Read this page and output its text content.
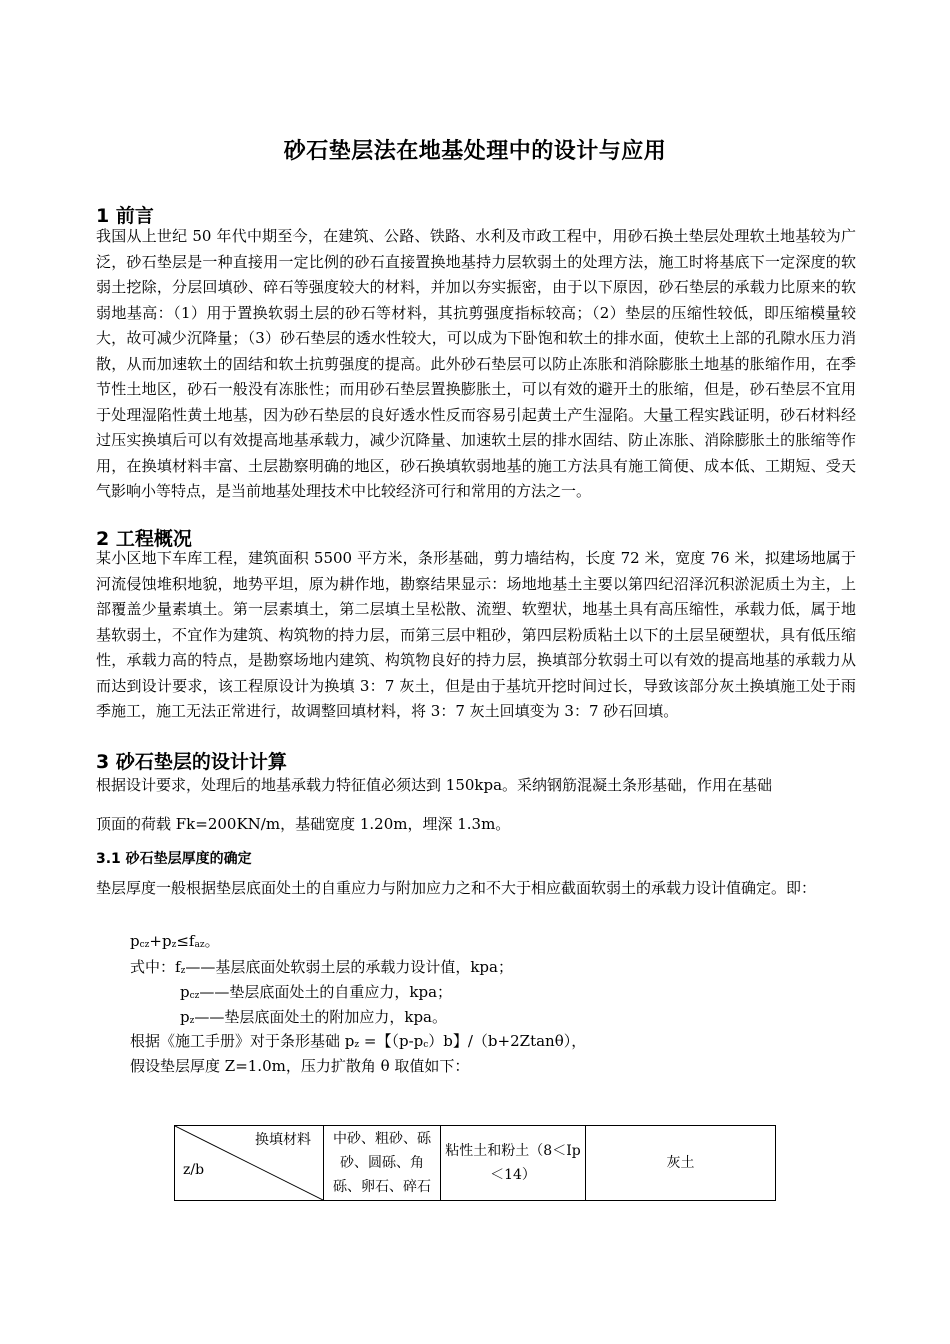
砂石垫层法在地基处理中的设计与应用
1 前言
我国从上世纪 50 年代中期至今，在建筑、公路、铁路、水利及市政工程中，用砂石换土垫层处理软土地基较为广泛，砂石垫层是一种直接用一定比例的砂石直接置换地基持力层软弱土的处理方法，施工时将基底下一定深度的软弱土挖除，分层回填砂、碎石等强度较大的材料，并加以夯实振密，由于以下原因，砂石垫层的承载力比原来的软弱地基高：（1）用于置换软弱土层的砂石等材料，其抗剪强度指标较高；（2）垫层的压缩性较低，即压缩模量较大，故可减少沉降量；（3）砂石垫层的透水性较大，可以成为下卧饱和软土的排水面，使软土上部的孔隙水压力消散，从而加速软土的固结和软土抗剪强度的提高。此外砂石垫层可以防止冻胀和消除膨胀土地基的胀缩作用，在季节性土地区，砂石一般没有冻胀性；而用砂石垫层置换膨胀土，可以有效的避开土的胀缩，但是，砂石垫层不宜用于处理湿陷性黄土地基，因为砂石垫层的良好透水性反而容易引起黄土产生湿陷。大量工程实践证明，砂石材料经过压实换填后可以有效提高地基承载力，减少沉降量、加速软土层的排水固结、防止冻胀、消除膨胀土的胀缩等作用，在换填材料丰富、土层勘察明确的地区，砂石换填软弱地基的施工方法具有施工简便、成本低、工期短、受天气影响小等特点，是当前地基处理技术中比较经济可行和常用的方法之一。
2 工程概况
某小区地下车库工程，建筑面积 5500 平方米，条形基础，剪力墙结构，长度 72 米，宽度 76 米，拟建场地属于河流侵蚀堆积地貌，地势平坦，原为耕作地，勘察结果显示：场地地基土主要以第四纪沼泽沉积淤泥质土为主，上部覆盖少量素填土。第一层素填土，第二层填土呈松散、流塑、软塑状，地基土具有高压缩性，承载力低，属于地基软弱土，不宜作为建筑、构筑物的持力层，而第三层中粗砂，第四层粉质粘土以下的土层呈硬塑状，具有低压缩性，承载力高的特点，是勘察场地内建筑、构筑物良好的持力层，换填部分软弱土可以有效的提高地基的承载力从而达到设计要求，该工程原设计为换填 3：7 灰土，但是由于基坑开挖时间过长，导致该部分灰土换填施工处于雨季施工，施工无法正常进行，故调整回填材料，将 3：7 灰土回填变为 3：7 砂石回填。
3 砂石垫层的设计计算
根据设计要求，处理后的地基承载力特征值必须达到 150kpa。采纳钢筋混凝土条形基础，作用在基础
顶面的荷载 Fk=200KN/m，基础宽度 1.20m，埋深 1.3m。
3.1 砂石垫层厚度的确定
垫层厚度一般根据垫层底面处土的自重应力与附加应力之和不大于相应截面软弱土的承载力设计值确定。即：
$p_{cz}+p_z\le f_{az}$。
式中：$f_z——$基层底面处软弱土层的承载力设计值，kpa；
$p_{cz}——$垫层底面处土的自重应力，kpa；
$p_z——$垫层底面处土的附加应力，kpa。
根据《施工手册》对于条形基础 $p_z$ =【$(p-p_c)b$】/（b+2Ztanθ），
假设垫层厚度 Z=1.0m，压力扩散角 θ 取值如下：
换填材料
z/b
	中砂、粗砂、砾砂、圆砾、角砾、卵石、碎石	粘性土和粉土（8＜Ip＜14）	灰土
